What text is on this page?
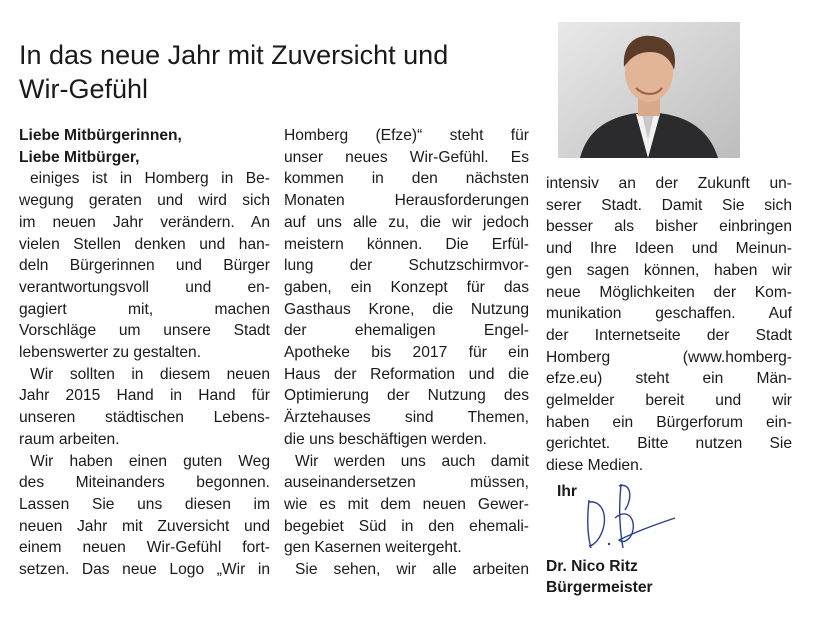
In das neue Jahr mit Zuversicht und
Wir-Gefühl
Liebe Mitbürgerinnen,
Liebe Mitbürger,
einiges ist in Homberg in Be-
wegung geraten und wird sich
im neuen Jahr verändern. An
vielen Stellen denken und han-
deln Bürgerinnen und Bürger
verantwortungsvoll und en-
gagiert mit, machen
Vorschläge um unsere Stadt
lebenswerter zu gestalten.
Wir sollten in diesem neuen
Jahr 2015 Hand in Hand für
unseren städtischen Lebens-
raum arbeiten.
Wir haben einen guten Weg
des Miteinanders begonnen.
Lassen Sie uns diesen im
neuen Jahr mit Zuversicht und
einem neuen Wir-Gefühl fort-
setzen. Das neue Logo „Wir in
Homberg (Efze)“ steht für
unser neues Wir-Gefühl. Es
kommen in den nächsten
Monaten Herausforderungen
auf uns alle zu, die wir jedoch
meistern können. Die Erfül-
lung der Schutzschirmvor-
gaben, ein Konzept für das
Gasthaus Krone, die Nutzung
der ehemaligen Engel-
Apotheke bis 2017 für ein
Haus der Reformation und die
Optimierung der Nutzung des
Ärztehauses sind Themen,
die uns beschäftigen werden.
Wir werden uns auch damit
auseinandersetzen müssen,
wie es mit dem neuen Gewer-
begebiet Süd in den ehemali-
gen Kasernen weitergeht.
Sie sehen, wir alle arbeiten
intensiv an der Zukunft un-
serer Stadt. Damit Sie sich
besser als bisher einbringen
und Ihre Ideen und Meinun-
gen sagen können, haben wir
neue Möglichkeiten der Kom-
munikation geschaffen. Auf
der Internetseite der Stadt
Homberg (www.homberg-
efze.eu) steht ein Män-
gelmelder bereit und wir
haben ein Bürgerforum ein-
gerichtet. Bitte nutzen Sie
diese Medien.
Ihr
Dr. Nico Ritz
Bürgermeister
